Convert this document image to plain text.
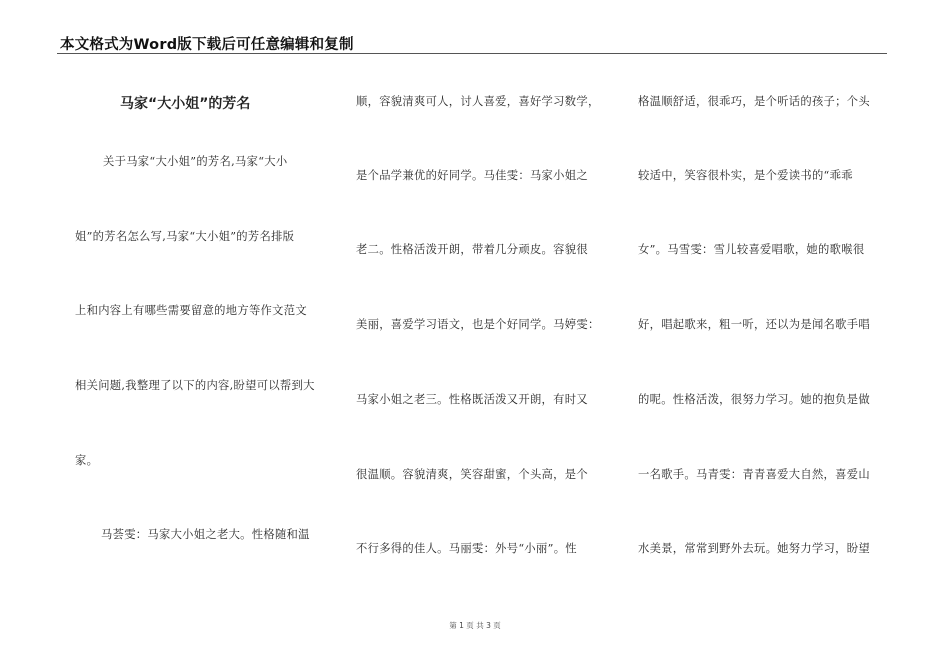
本文格式为Word版下载后可任意编辑和复制
马家“大小姐”的芳名
关于马家“大小姐”的芳名,马家“大小
姐”的芳名怎么写,马家“大小姐”的芳名排版
上和内容上有哪些需要留意的地方等作文范文
相关问题,我整理了以下的内容,盼望可以帮到大
家。
马荟雯：马家大小姐之老大。性格随和温
顺，容貌清爽可人，讨人喜爱，喜好学习数学，
是个品学兼优的好同学。马佳雯：马家小姐之
老二。性格活泼开朗，带着几分顽皮。容貌很
美丽，喜爱学习语文，也是个好同学。马婷雯：
马家小姐之老三。性格既活泼又开朗，有时又
很温顺。容貌清爽，笑容甜蜜，个头高，是个
不行多得的佳人。马丽雯：外号“小丽”。性
格温顺舒适，很乖巧，是个听话的孩子；个头
较适中，笑容很朴实，是个爱读书的“乖乖
女”。马雪雯：雪儿较喜爱唱歌，她的歌喉很
好，唱起歌来，粗一听，还以为是闻名歌手唱
的呢。性格活泼，很努力学习。她的抱负是做
一名歌手。马青雯：青青喜爱大自然，喜爱山
水美景，常常到野外去玩。她努力学习，盼望
第 1 页 共 3 页
